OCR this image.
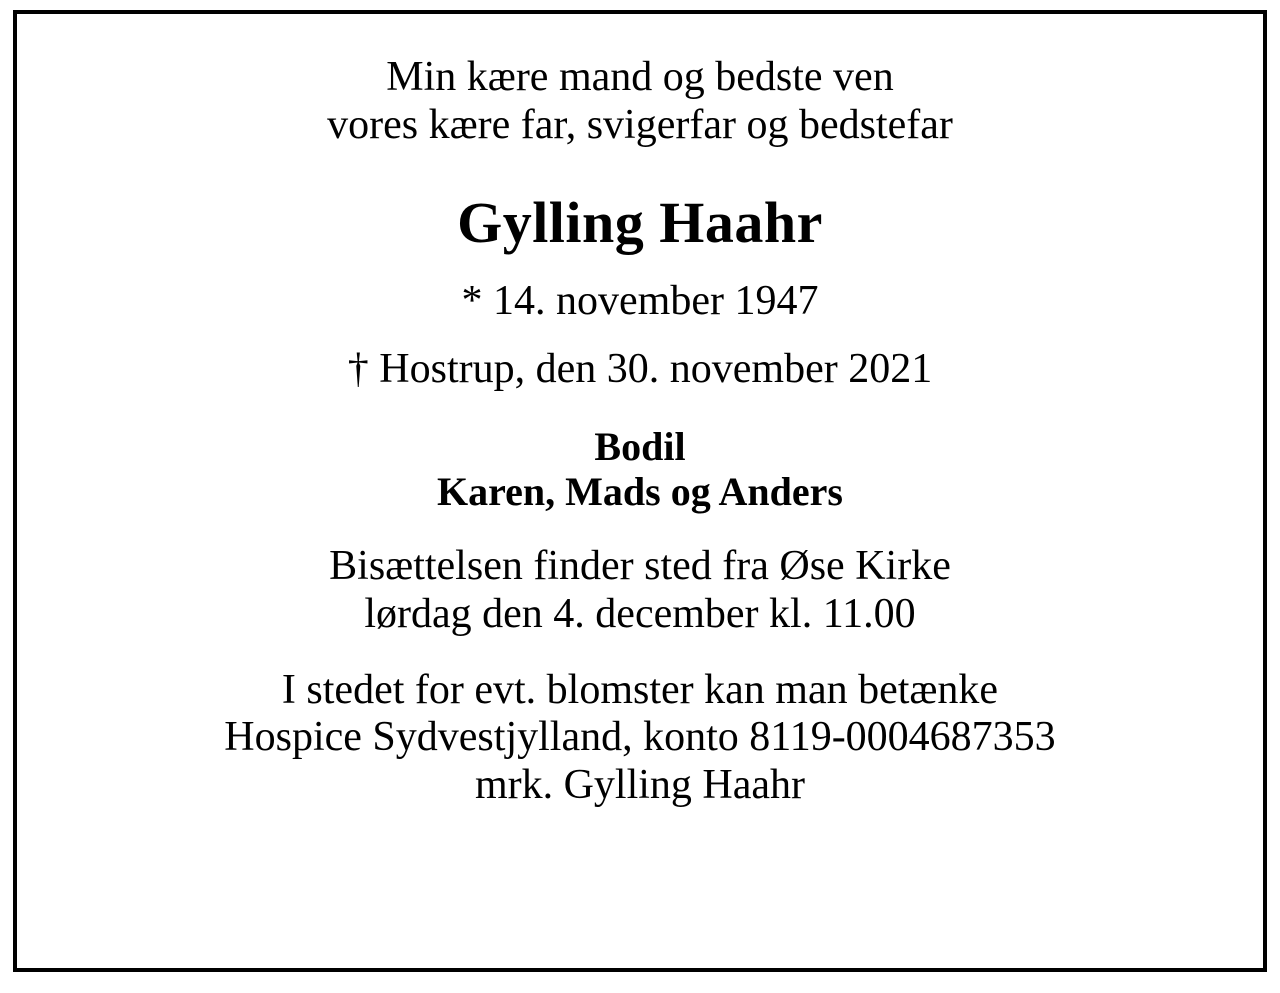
Min kære mand og bedste ven
vores kære far, svigerfar og bedstefar
Gylling Haahr
* 14. november 1947
† Hostrup, den 30. november 2021
Bodil
Karen, Mads og Anders
Bisættelsen finder sted fra Øse Kirke
lørdag den 4. december kl. 11.00
I stedet for evt. blomster kan man betænke
Hospice Sydvestjylland, konto 8119-0004687353
mrk. Gylling Haahr
